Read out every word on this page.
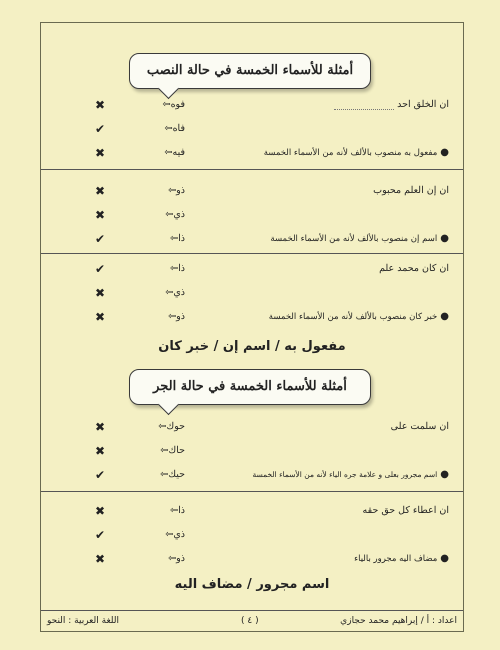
أمثلة للأسماء الخمسة في حالة النصب
✖	فوه⇦	ان الخلق احد
✔	فاه⇦
✖	فيه⇦	●مفعول به منصوب بالألف لأنه من الأسماء الخمسة
✖	ذو⇦	ان إن العلم محبوب
✖	ذي⇦
✔	ذا⇦	●اسم إن منصوب بالألف لأنه من الأسماء الخمسة
✔	ذا⇦	ان كان محمد علم
✖	ذي⇦
✖	ذو⇦	●خبر كان منصوب بالألف لأنه من الأسماء الخمسة
مفعول به / اسم إن / خبر كان
أمثلة للأسماء الخمسة في حالة الجر
✖	حوك⇦	ان سلمت على
✖	حاك⇦
✔	حيك⇦	●اسم مجرور بعلى و علامة جره الياء لأنه من الأسماء الخمسة
✖	ذا⇦	ان اعطاء كل حق حقه
✔	ذي⇦
✖	ذو⇦	●مضاف اليه مجرور بالياء
اسم مجرور / مضاف اليه
اعداد : أ / إبراهيم محمد حجازي
( ٤ )
اللغة العربية : النحو
